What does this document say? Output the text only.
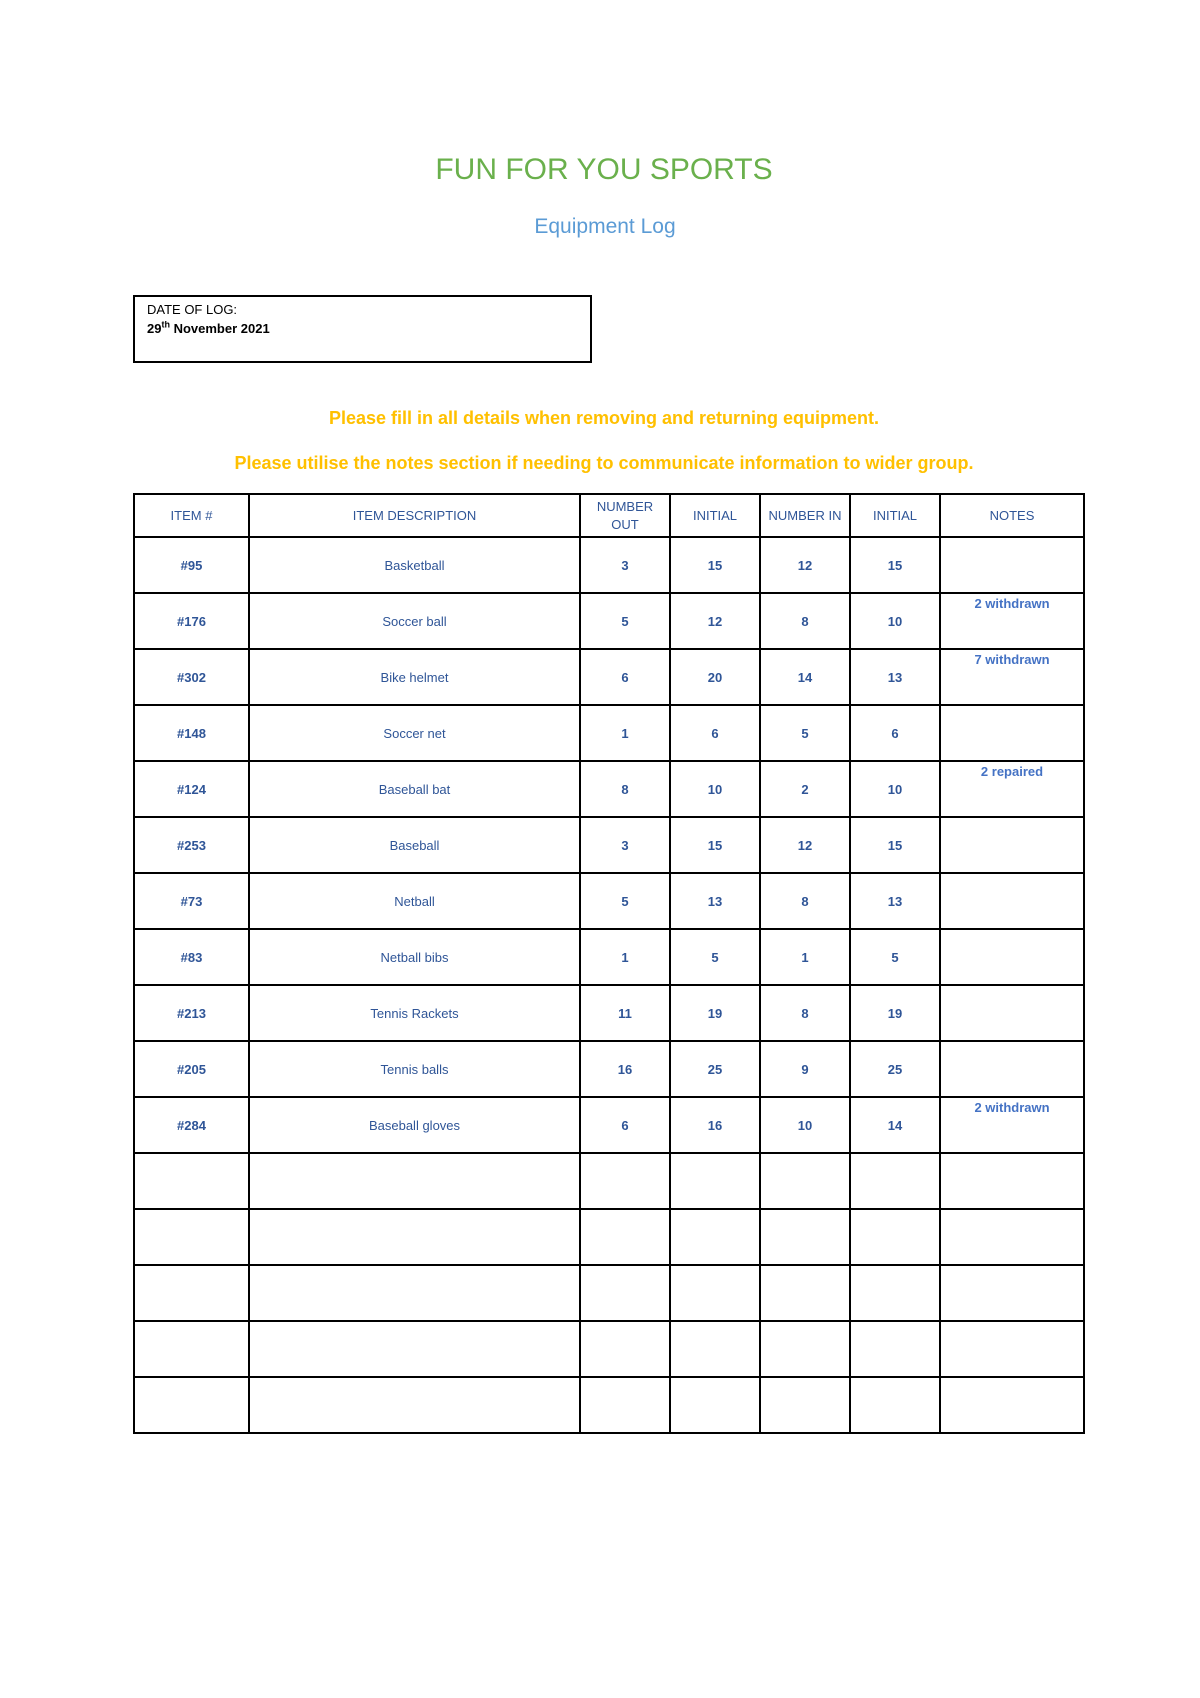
FUN FOR YOU SPORTS
Equipment Log
DATE OF LOG:
29th November 2021
Please fill in all details when removing and returning equipment.
Please utilise the notes section if needing to communicate information to wider group.
ITEM #	ITEM DESCRIPTION	NUMBER OUT	INITIAL	NUMBER IN	INITIAL	NOTES
#95	Basketball	3	15	12	15	

#176	Soccer ball	5	12	8	10	2 withdrawn

#302	Bike helmet	6	20	14	13	7 withdrawn

#148	Soccer net	1	6	5	6	

#124	Baseball bat	8	10	2	10	2 repaired

#253	Baseball	3	15	12	15	

#73	Netball	5	13	8	13	

#83	Netball bibs	1	5	1	5	

#213	Tennis Rackets	11	19	8	19	

#205	Tennis balls	16	25	9	25	

#284	Baseball gloves	6	16	10	14	2 withdrawn
